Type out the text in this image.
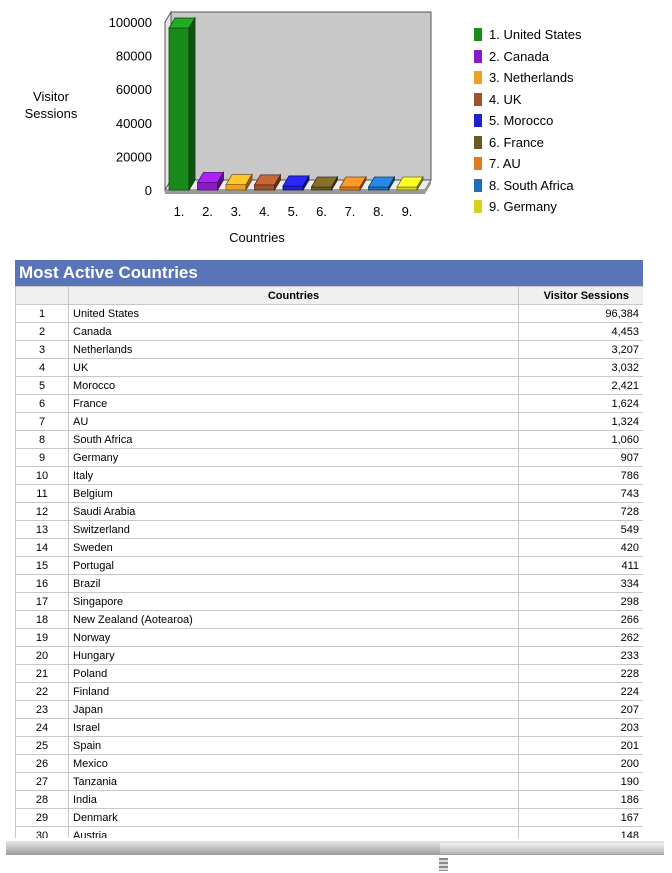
100000
80000
60000
40000
20000
0
Visitor
Sessions
1. 2. 3. 4. 5. 6. 7. 8. 9.
Countries
1. United States
2. Canada
3. Netherlands
4. UK
5. Morocco
6. France
7. AU
8. South Africa
9. Germany
Most Active Countries
	Countries	Visitor Sessions
1	United States	96,384
2	Canada	4,453
3	Netherlands	3,207
4	UK	3,032
5	Morocco	2,421
6	France	1,624
7	AU	1,324
8	South Africa	1,060
9	Germany	907
10	Italy	786
11	Belgium	743
12	Saudi Arabia	728
13	Switzerland	549
14	Sweden	420
15	Portugal	411
16	Brazil	334
17	Singapore	298
18	New Zealand (Aotearoa)	266
19	Norway	262
20	Hungary	233
21	Poland	228
22	Finland	224
23	Japan	207
24	Israel	203
25	Spain	201
26	Mexico	200
27	Tanzania	190
28	India	186
29	Denmark	167
30	Austria	148
